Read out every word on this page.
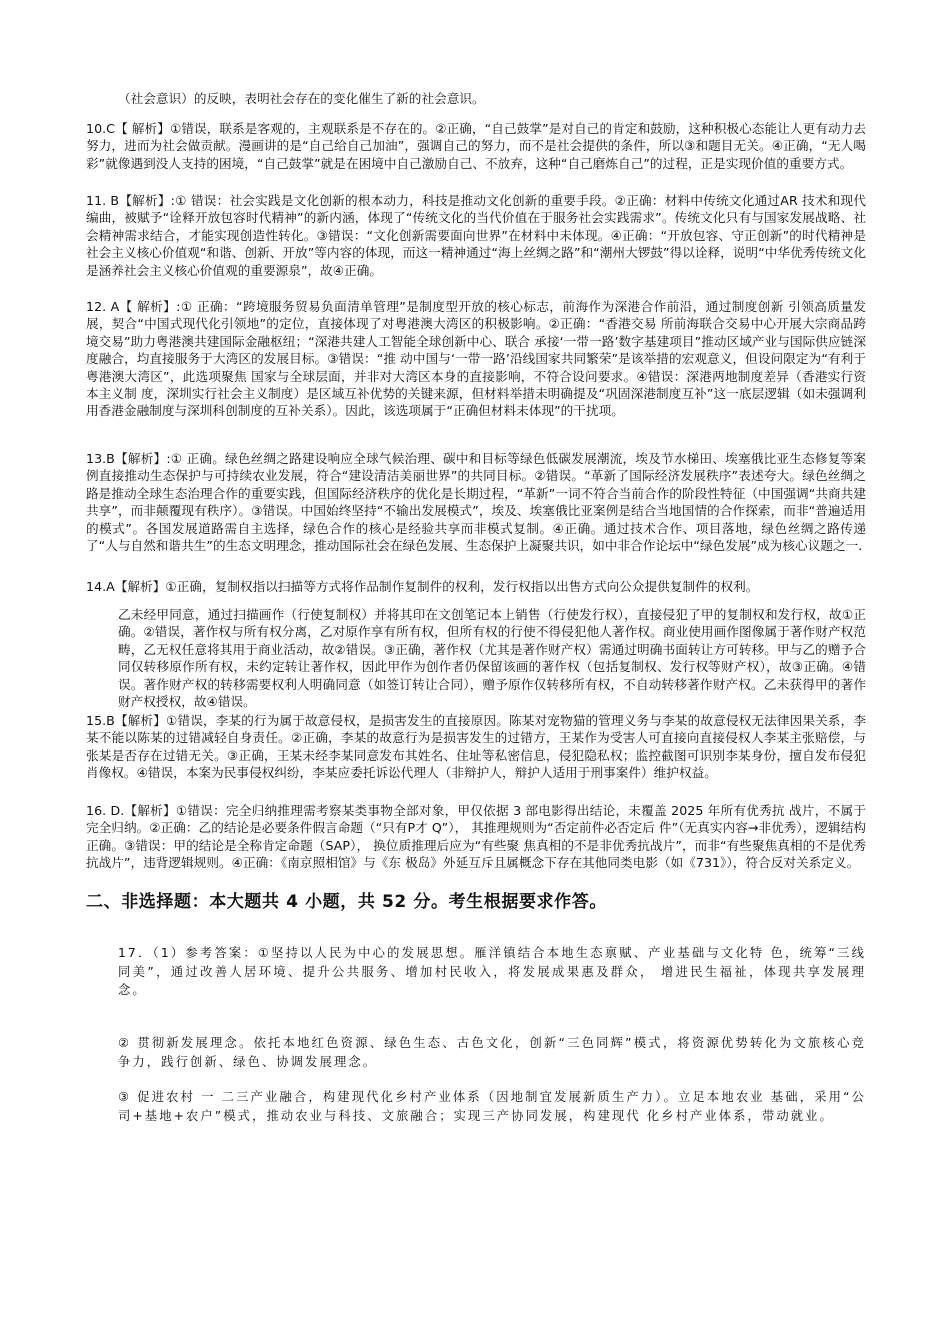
（社会意识）的反映，表明社会存在的变化催生了新的社会意识。

10.C【 解析】①错误，联系是客观的，主观联系是不存在的。②正确，“自己鼓掌”是对自己的肯定和鼓励，这种积极心态能让人更有动力去努力，进而为社会做贡献。漫画讲的是“自己给自己加油”，强调自己的努力，而不是社会提供的条件，所以③和题目无关。④正确，“无人喝彩”就像遇到没人支持的困境，“自己鼓掌”就是在困境中自己激励自己、不放弃，这种“自己磨炼自己”的过程，正是实现价值的重要方式。

11. B【解析】:① 错误：社会实践是文化创新的根本动力，科技是推动文化创新的重要手段。②正确：材料中传统文化通过AR 技术和现代编曲，被赋予“诠释开放包容时代精神”的新内涵，体现了“传统文化的当代价值在于服务社会实践需求”。传统文化只有与国家发展战略、社会精神需求结合，才能实现创造性转化。③错误：“文化创新需要面向世界”在材料中未体现。④正确：“开放包容、守正创新”的时代精神是社会主义核心价值观“和谐、创新、开放”等内容的体现，而这一精神通过“海上丝绸之路”和“潮州大锣鼓”得以诠释，说明“中华优秀传统文化是涵养社会主义核心价值观的重要源泉”，故④正确。

12. A【 解析】:① 正确：“跨境服务贸易负面清单管理”是制度型开放的核心标志，前海作为深港合作前沿，通过制度创新 引领高质量发展，契合“中国式现代化引领地”的定位，直接体现了对粤港澳大湾区的积极影响。②正确：“香港交易 所前海联合交易中心开展大宗商品跨境交易”助力粤港澳共建国际金融枢纽；“深港共建人工智能全球创新中心、联合 承接‘一带一路’数字基建项目”推动区域产业与国际供应链深度融合，均直接服务于大湾区的发展目标。③错误：“推 动中国与‘一带一路’沿线国家共同繁荣”是该举措的宏观意义，但设问限定为“有利于粤港澳大湾区”，此选项聚焦 国家与全球层面，并非对大湾区本身的直接影响，不符合设问要求。④错误：深港两地制度差异（香港实行资本主义制 度，深圳实行社会主义制度）是区域互补优势的关键来源，但材料举措未明确提及“巩固深港制度互补”这一底层逻辑（如未强调利用香港金融制度与深圳科创制度的互补关系）。因此，该选项属于“正确但材料未体现”的干扰项。

13.B【解析】:① 正确。绿色丝绸之路建设响应全球气候治理、碳中和目标等绿色低碳发展潮流，埃及节水梯田、埃塞俄比亚生态修复等案例直接推动生态保护与可持续农业发展，符合“建设清洁美丽世界”的共同目标。②错误。“革新了国际经济发展秩序”表述夸大。绿色丝绸之路是推动全球生态治理合作的重要实践，但国际经济秩序的优化是长期过程，“革新”一词不符合当前合作的阶段性特征（中国强调“共商共建共享”，而非颠覆现有秩序）。③错误。中国始终坚持“不输出发展模式”，埃及、埃塞俄比亚案例是结合当地国情的合作探索，而非“普遍适用的模式”。各国发展道路需自主选择，绿色合作的核心是经验共享而非模式复制。④正确。通过技术合作、项目落地，绿色丝绸之路传递了“人与自然和谐共生”的生态文明理念，推动国际社会在绿色发展、生态保护上凝聚共识，如中非合作论坛中“绿色发展”成为核心议题之一.

14.A【解析】①正确，复制权指以扫描等方式将作品制作复制件的权利，发行权指以出售方式向公众提供复制件的权利。

乙未经甲同意，通过扫描画作（行使复制权）并将其印在文创笔记本上销售（行使发行权），直接侵犯了甲的复制权和发行权，故①正确。②错误，著作权与所有权分离，乙对原作享有所有权，但所有权的行使不得侵犯他人著作权。商业使用画作图像属于著作财产权范畴，乙无权任意将其用于商业活动，故②错误。③正确，著作权（尤其是著作财产权）需通过明确书面转让方可转移。甲与乙的赠予合同仅转移原作所有权，未约定转让著作权，因此甲作为创作者仍保留该画的著作权（包括复制权、发行权等财产权），故③正确。④错误。著作财产权的转移需要权利人明确同意（如签订转让合同），赠予原作仅转移所有权，不自动转移著作财产权。乙未获得甲的著作财产权授权，故④错误。

15.B【解析】①错误，李某的行为属于故意侵权，是损害发生的直接原因。陈某对宠物猫的管理义务与李某的故意侵权无法律因果关系，李某不能以陈某的过错减轻自身责任。②正确，李某的故意行为是损害发生的过错方，王某作为受害人可直接向直接侵权人李某主张赔偿，与张某是否存在过错无关。③正确，王某未经李某同意发布其姓名、住址等私密信息，侵犯隐私权；监控截图可识别李某身份，擅自发布侵犯肖像权。④错误，本案为民事侵权纠纷，李某应委托诉讼代理人（非辩护人，辩护人适用于刑事案件）维护权益。

16. D.【解析】①错误：完全归纳推理需考察某类事物全部对象，甲仅依据 3 部电影得出结论，未覆盖 2025 年所有优秀抗 战片，不属于完全归纳。②正确：乙的结论是必要条件假言命题（“只有P才 Q”）， 其推理规则为“否定前件必否定后 件”（无真实内容→非优秀），逻辑结构正确。③错误：甲的结论是全称肯定命题（SAP）， 换位质推理后应为“有些聚 焦真相的不是非优秀抗战片”，而非“有些聚焦真相的不是优秀抗战片”，违背逻辑规则。④正确：《南京照相馆》与《东 极岛》外延互斥且属概念下存在其他同类电影（如《731》），符合反对关系定义。

二、非选择题：本大题共 4 小题，共 52 分。考生根据要求作答。

17．（1）参考答案：①坚持以人民为中心的发展思想。雁洋镇结合本地生态禀赋、产业基础与文化特 色，统筹“三线同美”，通过改善人居环境、提升公共服务、增加村民收入，将发展成果惠及群众， 增进民生福祉，体现共享发展理念。

② 贯彻新发展理念。依托本地红色资源、绿色生态、古色文化，创新“三色同辉”模式，将资源优势转化为文旅核心竞争力，践行创新、绿色、协调发展理念。

③ 促进农村 一 二三产业融合，构建现代化乡村产业体系（因地制宜发展新质生产力）。立足本地农业 基础，采用“公司+基地+农户”模式，推动农业与科技、文旅融合；实现三产协同发展，构建现代 化乡村产业体系，带动就业。
